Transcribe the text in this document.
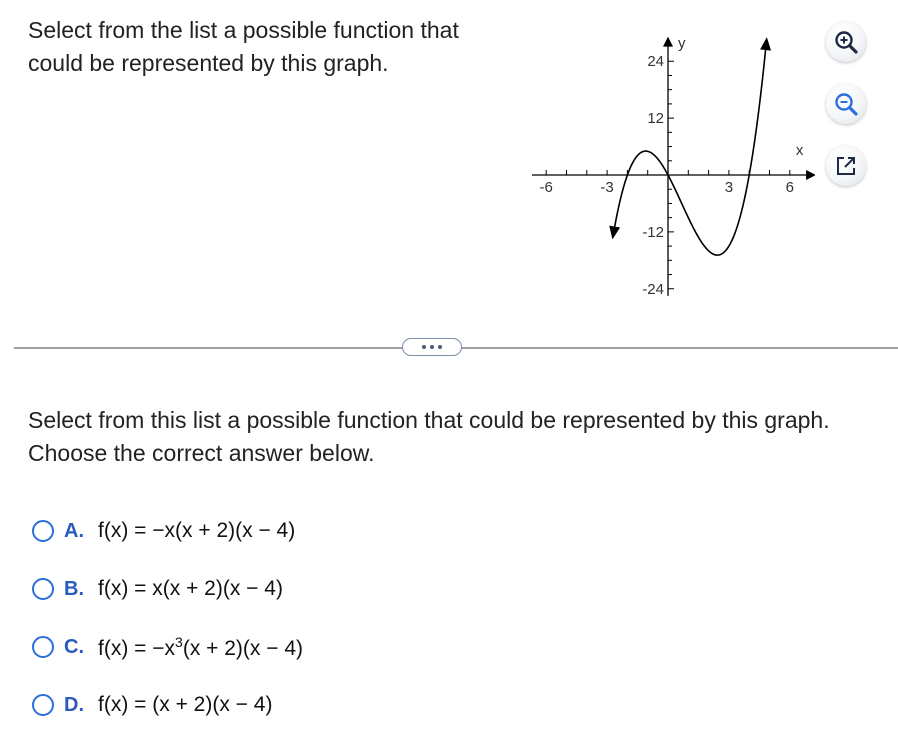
Select from the list a possible function that could be represented by this graph.
-6	-3	3	6
24
12
-12
-24
x
y
Select from this list a possible function that could be represented by this graph. Choose the correct answer below.
A. f(x) = −x(x + 2)(x − 4)
B. f(x) = x(x + 2)(x − 4)
C. $f(x) = -x^3(x + 2)(x - 4)$
D. f(x) = (x + 2)(x − 4)
